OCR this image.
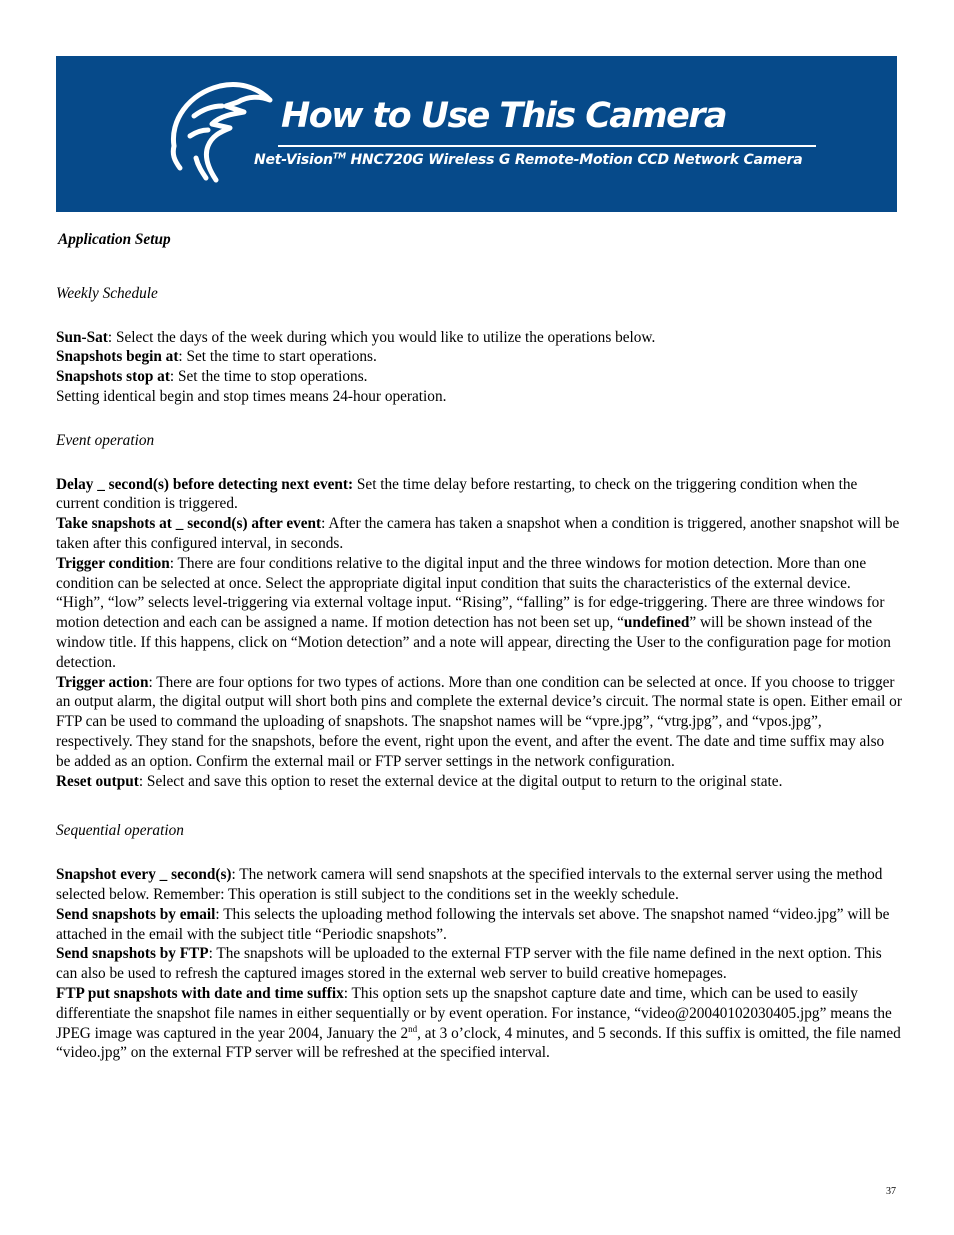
How to Use This Camera
Net-Vision™ HNC720G Wireless G Remote-Motion CCD Network Camera

Application Setup

Weekly Schedule

Sun-Sat: Select the days of the week during which you would like to utilize the operations below.

Snapshots begin at: Set the time to start operations.

Snapshots stop at: Set the time to stop operations.

Setting identical begin and stop times means 24-hour operation.

Event operation

Delay _ second(s) before detecting next event: Set the time delay before restarting, to check on the triggering condition when the current condition is triggered.

Take snapshots at _ second(s) after event: After the camera has taken a snapshot when a condition is triggered, another snapshot will be taken after this configured interval, in seconds.

Trigger condition: There are four conditions relative to the digital input and the three windows for motion detection. More than one condition can be selected at once. Select the appropriate digital input condition that suits the characteristics of the external device. “High”, “low” selects level-triggering via external voltage input. “Rising”, “falling” is for edge-triggering. There are three windows for motion detection and each can be assigned a name. If motion detection has not been set up, “undefined” will be shown instead of the window title. If this happens, click on “Motion detection” and a note will appear, directing the User to the configuration page for motion detection.

Trigger action: There are four options for two types of actions. More than one condition can be selected at once. If you choose to trigger an output alarm, the digital output will short both pins and complete the external device’s circuit. The normal state is open. Either email or FTP can be used to command the uploading of snapshots. The snapshot names will be “vpre.jpg”, “vtrg.jpg”, and “vpos.jpg”, respectively. They stand for the snapshots, before the event, right upon the event, and after the event. The date and time suffix may also be added as an option. Confirm the external mail or FTP server settings in the network configuration.

Reset output: Select and save this option to reset the external device at the digital output to return to the original state.

Sequential operation

Snapshot every _ second(s): The network camera will send snapshots at the specified intervals to the external server using the method selected below. Remember: This operation is still subject to the conditions set in the weekly schedule.

Send snapshots by email: This selects the uploading method following the intervals set above. The snapshot named “video.jpg” will be attached in the email with the subject title “Periodic snapshots”.

Send snapshots by FTP: The snapshots will be uploaded to the external FTP server with the file name defined in the next option. This can also be used to refresh the captured images stored in the external web server to build creative homepages.

FTP put snapshots with date and time suffix: This option sets up the snapshot capture date and time, which can be used to easily differentiate the snapshot file names in either sequentially or by event operation. For instance, “video@20040102030405.jpg” means the JPEG image was captured in the year 2004, January the 2nd, at 3 o’clock, 4 minutes, and 5 seconds. If this suffix is omitted, the file named “video.jpg” on the external FTP server will be refreshed at the specified interval.

37
